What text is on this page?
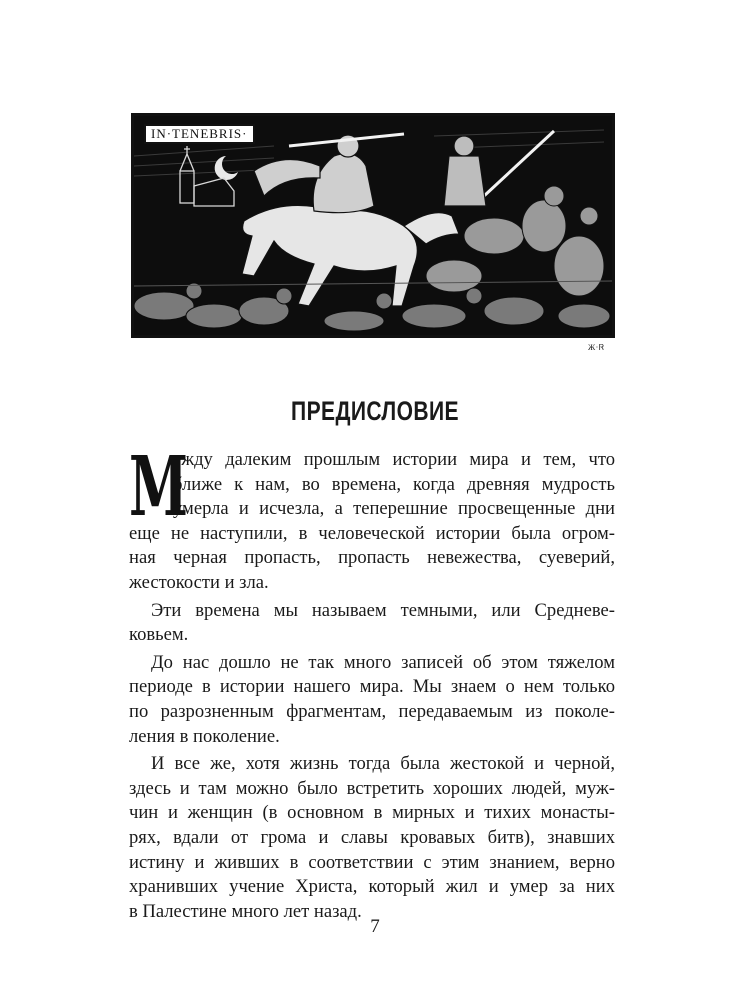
IN·TENEBRIS·
Ж·Ꮢ
ПРЕДИСЛОВИЕ
М
ежду далеким прошлым истории мира и тем, что
ближе к нам, во времена, когда древняя мудрость
умерла и исчезла, а теперешние просвещенные дни
еще не наступили, в человеческой истории была огром-
ная черная пропасть, пропасть невежества, суеверий,
жестокости и зла.
Эти времена мы называем темными, или Средневе-
ковьем.
До нас дошло не так много записей об этом тяжелом
периоде в истории нашего мира. Мы знаем о нем только
по разрозненным фрагментам, передаваемым из поколе-
ления в поколение.
И все же, хотя жизнь тогда была жестокой и черной,
здесь и там можно было встретить хороших людей, муж-
чин и женщин (в основном в мирных и тихих монасты-
рях, вдали от грома и славы кровавых битв), знавших
истину и живших в соответствии с этим знанием, верно
хранивших учение Христа, который жил и умер за них
в Палестине много лет назад.
7
